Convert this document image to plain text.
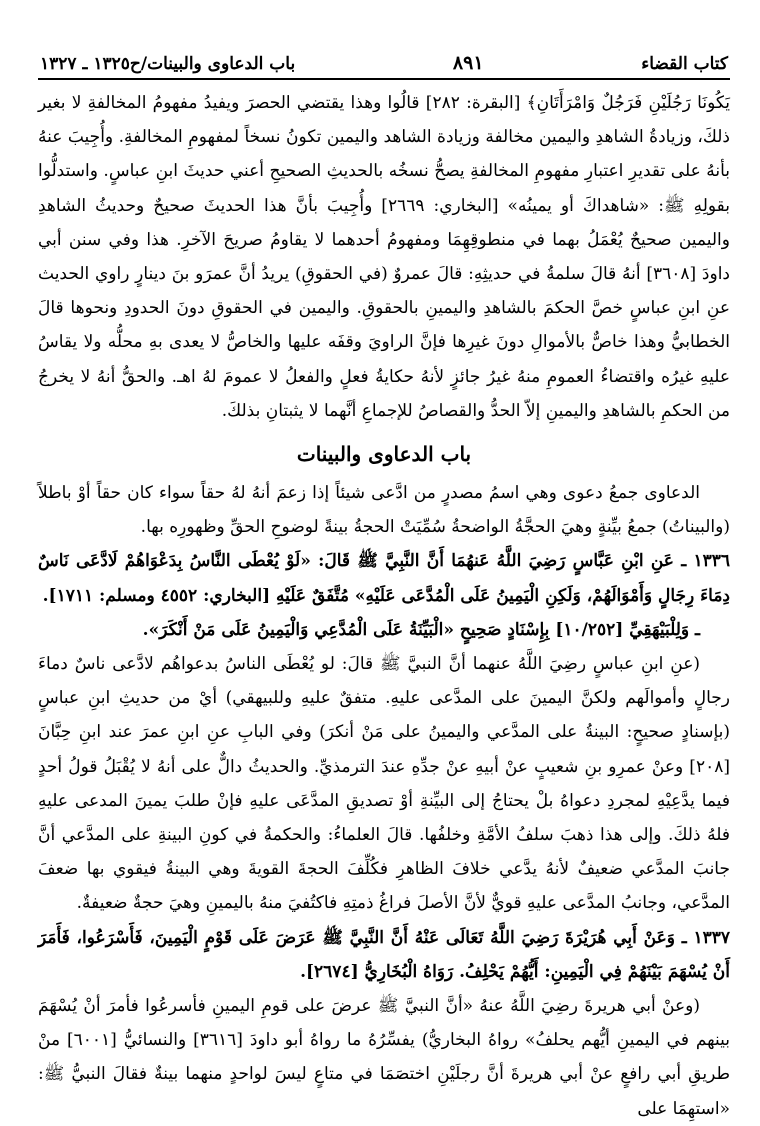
كتاب القضاء
٨٩١
باب الدعاوى والبينات/ح١٣٢٥ ـ ١٣٢٧

يَكُونَا رَجُلَيْنِ فَرَجُلٌ وَامْرَأَتَانِ﴾ [البقرة: ٢٨٢] قالُوا وهذا يقتضي الحصرَ ويفيدُ مفهومُ المخالفةِ لا بغير ذلكَ، وزيادةُ الشاهدِ واليمين مخالفة وزيادة الشاهد واليمين تكونُ نسخاً لمفهومِ المخالفةِ. وأُجِيبَ عنهُ بأنهُ على تقديرِ اعتبارِ مفهومِ المخالفةِ يصحُّ نسخُه بالحديثِ الصحيحِ أعني حديثَ ابنِ عباسٍ. واستدلُّوا بقولِهِ ﷺ: «شاهداكَ أو يمينُه» [البخاري: ٢٦٦٩] وأُجِيبَ بأنَّ هذا الحديثَ صحيحٌ وحديثُ الشاهدِ واليمين صحيحٌ يُعْمَلُ بهما في منطوقِهِمَا ومفهومُ أحدهما لا يقاومُ صريحَ الآخرِ. هذا وفي سنن أبي داودَ [٣٦٠٨] أنهُ قالَ سلمةُ في حديثِهِ: قالَ عمروٌ (في الحقوقِ) يريدُ أنَّ عمرَو بنَ دينارٍ راوي الحديث عنِ ابنِ عباسٍ خصَّ الحكمَ بالشاهدِ واليمينِ بالحقوقِ. واليمين في الحقوقِ دونَ الحدودِ ونحوها قالَ الخطابيُّ وهذا خاصٌّ بالأموالِ دونَ غيرِها فإنَّ الراويَ وقفَه عليها والخاصُّ لا يعدى بهِ محلُّه ولا يقاسُ عليهِ غيرُه واقتضاءُ العمومِ منهُ غيرُ جائزٍ لأنهُ حكايةُ فعلٍ والفعلُ لا عمومَ لهُ اهـ. والحقُّ أنهُ لا يخرجُ من الحكمِ بالشاهدِ واليمينِ إلاّ الحدُّ والقصاصُ للإجماعِ أنَّهما لا يثبتانِ بذلكَ.

باب الدعاوى والبينات

الدعاوى جمعُ دعوى وهي اسمُ مصدرٍ من ادَّعى شيئاً إذا زعمَ أنهُ لهُ حقاً سواء كان حقاً أوْ باطلاً (والبيناتُ) جمعُ بيِّنةٍ وهيَ الحجَّةُ الواضحةُ سُمِّيَتْ الحجةُ بينةً لوضوحِ الحقِّ وظهورِه بها.

١٣٣٦ ـ عَنِ ابْنِ عَبَّاسٍ رَضِيَ اللَّهُ عَنهُمَا أَنَّ النَّبِيَّ ﷺ قَالَ: «لَوْ يُعْطَى النَّاسُ بِدَعْوَاهُمْ لَادَّعَى نَاسٌ دِمَاءَ رِجَالٍ وَأَمْوَالَهُمْ، وَلَكِنِ الْيَمِينُ عَلَى الْمُدَّعَى عَلَيْهِ» مُتَّفَقٌ عَلَيْهِ [البخاري: ٤٥٥٢ ومسلم: ١٧١١].

ـ وَلِلْبَيْهَقِيِّ [١٠/٢٥٢] بِإِسْنَادٍ صَحِيحٍ «الْبَيِّنَةُ عَلَى الْمُدَّعِي وَالْيَمِينُ عَلَى مَنْ أَنْكَرَ».

(عنِ ابنِ عباسٍ رضِيَ اللَّهُ عنهما أنَّ النبيَّ ﷺ قالَ: لو يُعْطَى الناسُ بدعواهُم لادَّعى ناسٌ دماءَ رجالٍ وأموالَهم ولكنَّ اليمينَ على المدَّعى عليهِ. متفقٌ عليهِ وللبيهقي) أيْ من حديثِ ابنِ عباسٍ (بإسنادٍ صحيحٍ: البينةُ على المدَّعي واليمينُ على مَنْ أنكرَ) وفي البابِ عنِ ابنِ عمرَ عند ابنِ حِبَّانَ [٢٠٨] وعنْ عمرِو بنِ شعيبٍ عنْ أبيهِ عنْ جدِّهِ عندَ الترمذيِّ. والحديثُ دالٌّ على أنهُ لا يُقْبَلُ قولُ أحدٍ فيما يدَّعِيْهِ لمجردِ دعواهُ بلْ يحتاجُ إلى البيِّنةِ أوْ تصديقِ المدَّعَى عليهِ فإنْ طلبَ يمينَ المدعى عليهِ فلهُ ذلكَ. وإلى هذا ذهبَ سلفُ الأمَّةِ وخلفُها. قالَ العلماءُ: والحكمةُ في كونِ البينةِ على المدَّعي أنَّ جانبَ المدَّعي ضعيفٌ لأنهُ يدَّعي خلافَ الظاهرِ فكُلِّفَ الحجةَ القويةَ وهي البينةُ فيقوي بها ضعفَ المدَّعي، وجانبُ المدَّعى عليهِ قويٌّ لأنَّ الأصلَ فراغُ ذمتِهِ فاكتُفيَ منهُ باليمينِ وهيَ حجةٌ ضعيفةٌ.

١٣٣٧ ـ وَعَنْ أَبِي هُرَيْرَةَ رَضِيَ اللَّهُ تَعَالَى عَنْهُ أَنَّ النَّبِيَّ ﷺ عَرَضَ عَلَى قَوْمٍ الْيَمِينَ، فَأَسْرَعُوا، فَأَمَرَ أَنْ يُسْهَمَ بَيْنَهُمْ فِي الْيَمِينِ: أَيُّهُمْ يَحْلِفُ. رَوَاهُ الْبُخَارِيُّ [٢٦٧٤].

(وعنْ أبي هريرةَ رضِيَ اللَّهُ عنهُ «أنَّ النبيَّ ﷺ عرضَ على قومِ اليمينِ فأسرعُوا فأمرَ أنْ يُسْهَمَ بينهم في اليمينِ أيُّهم يحلفُ» رواهُ البخاريُّ) يفسِّرُهُ ما رواهُ أبو داودَ [٣٦١٦] والنسائيُّ [٦٠٠١] منْ طريقِ أبي رافعٍ عنْ أبي هريرةَ أنَّ رجلَيْنِ اختصَمَا في متاعٍ ليسَ لواحدٍ منهما بينةٌ فقالَ النبيُّ ﷺ: «استهِمَا على
